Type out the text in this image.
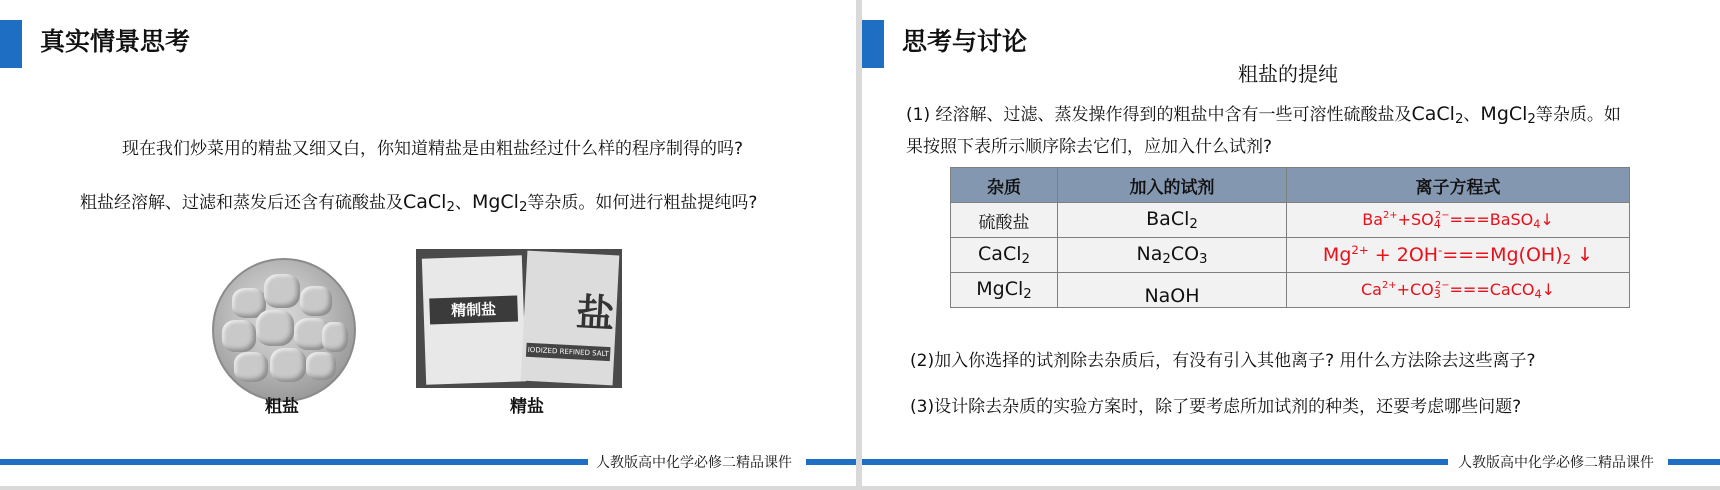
真实情景思考
现在我们炒菜用的精盐又细又白，你知道精盐是由粗盐经过什么样的程序制得的吗?
粗盐经溶解、过滤和蒸发后还含有硫酸盐及CaCl$_2$、MgCl$_2$等杂质。如何进行粗盐提纯吗?
粗盐
精制盐	盐
IODIZED REFINED SALT
精盐
人教版高中化学必修二精品课件
思考与讨论
粗盐的提纯
(1) 经溶解、过滤、蒸发操作得到的粗盐中含有一些可溶性硫酸盐及CaCl$_2$、MgCl$_2$等杂质。如
果按照下表所示顺序除去它们，应加入什么试剂?
杂质	加入的试剂	离子方程式
硫酸盐	BaCl$_2$	$Ba^{2+}+SO_4^{2-}===BaSO_4↓$
CaCl$_2$	$Na_2CO_3$	$Mg^{2+} + 2OH^-===Mg(OH)_2$ ↓
MgCl$_2$	NaOH	$Ca^{2+}+CO_3^{2-}===CaCO_4↓$
(2)加入你选择的试剂除去杂质后，有没有引入其他离子? 用什么方法除去这些离子?
(3)设计除去杂质的实验方案时，除了要考虑所加试剂的种类，还要考虑哪些问题?
人教版高中化学必修二精品课件
